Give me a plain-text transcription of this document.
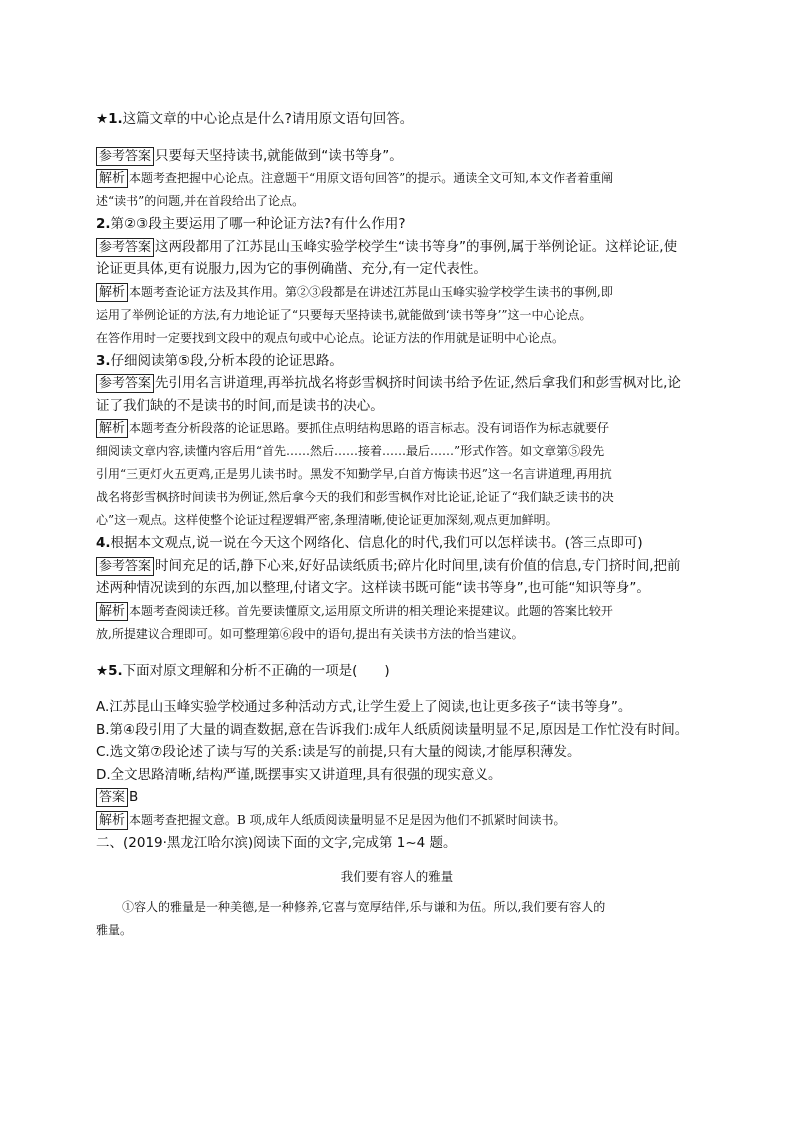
★1.这篇文章的中心论点是什么?请用原文语句回答。
参考答案 只要每天坚持读书,就能做到“读书等身”。
解析 本题考查把握中心论点。注意题干“用原文语句回答”的提示。通读全文可知,本文作者着重阐
述“读书”的问题,并在首段给出了论点。
2.第②③段主要运用了哪一种论证方法?有什么作用?
参考答案 这两段都用了江苏昆山玉峰实验学校学生“读书等身”的事例,属于举例论证。这样论证,使
论证更具体,更有说服力,因为它的事例确凿、充分,有一定代表性。
解析 本题考查论证方法及其作用。第②③段都是在讲述江苏昆山玉峰实验学校学生读书的事例,即
运用了举例论证的方法,有力地论证了“只要每天坚持读书,就能做到‘读书等身’”这一中心论点。
在答作用时一定要找到文段中的观点句或中心论点。论证方法的作用就是证明中心论点。
3.仔细阅读第⑤段,分析本段的论证思路。
参考答案 先引用名言讲道理,再举抗战名将彭雪枫挤时间读书给予佐证,然后拿我们和彭雪枫对比,论
证了我们缺的不是读书的时间,而是读书的决心。
解析 本题考查分析段落的论证思路。要抓住点明结构思路的语言标志。没有词语作为标志就要仔
细阅读文章内容,读懂内容后用“首先……然后……接着……最后……”形式作答。如文章第⑤段先
引用“三更灯火五更鸡,正是男儿读书时。黑发不知勤学早,白首方悔读书迟”这一名言讲道理,再用抗
战名将彭雪枫挤时间读书为例证,然后拿今天的我们和彭雪枫作对比论证,论证了“我们缺乏读书的决
心”这一观点。这样使整个论证过程逻辑严密,条理清晰,使论证更加深刻,观点更加鲜明。
4.根据本文观点,说一说在今天这个网络化、信息化的时代,我们可以怎样读书。(答三点即可)
参考答案 时间充足的话,静下心来,好好品读纸质书;碎片化时间里,读有价值的信息,专门挤时间,把前
述两种情况读到的东西,加以整理,付诸文字。这样读书既可能“读书等身”,也可能“知识等身”。
解析 本题考查阅读迁移。首先要读懂原文,运用原文所讲的相关理论来提建议。此题的答案比较开
放,所提建议合理即可。如可整理第⑥段中的语句,提出有关读书方法的恰当建议。
★5.下面对原文理解和分析不正确的一项是(　　)
A.江苏昆山玉峰实验学校通过多种活动方式,让学生爱上了阅读,也让更多孩子“读书等身”。
B.第④段引用了大量的调查数据,意在告诉我们:成年人纸质阅读量明显不足,原因是工作忙没有时间。
C.选文第⑦段论述了读与写的关系:读是写的前提,只有大量的阅读,才能厚积薄发。
D.全文思路清晰,结构严谨,既摆事实又讲道理,具有很强的现实意义。
答案 B
解析 本题考查把握文意。B 项,成年人纸质阅读量明显不足是因为他们不抓紧时间读书。
二、(2019·黑龙江哈尔滨)阅读下面的文字,完成第 1~4 题。
我们要有容人的雅量
①容人的雅量是一种美德,是一种修养,它喜与宽厚结伴,乐与谦和为伍。所以,我们要有容人的
雅量。
